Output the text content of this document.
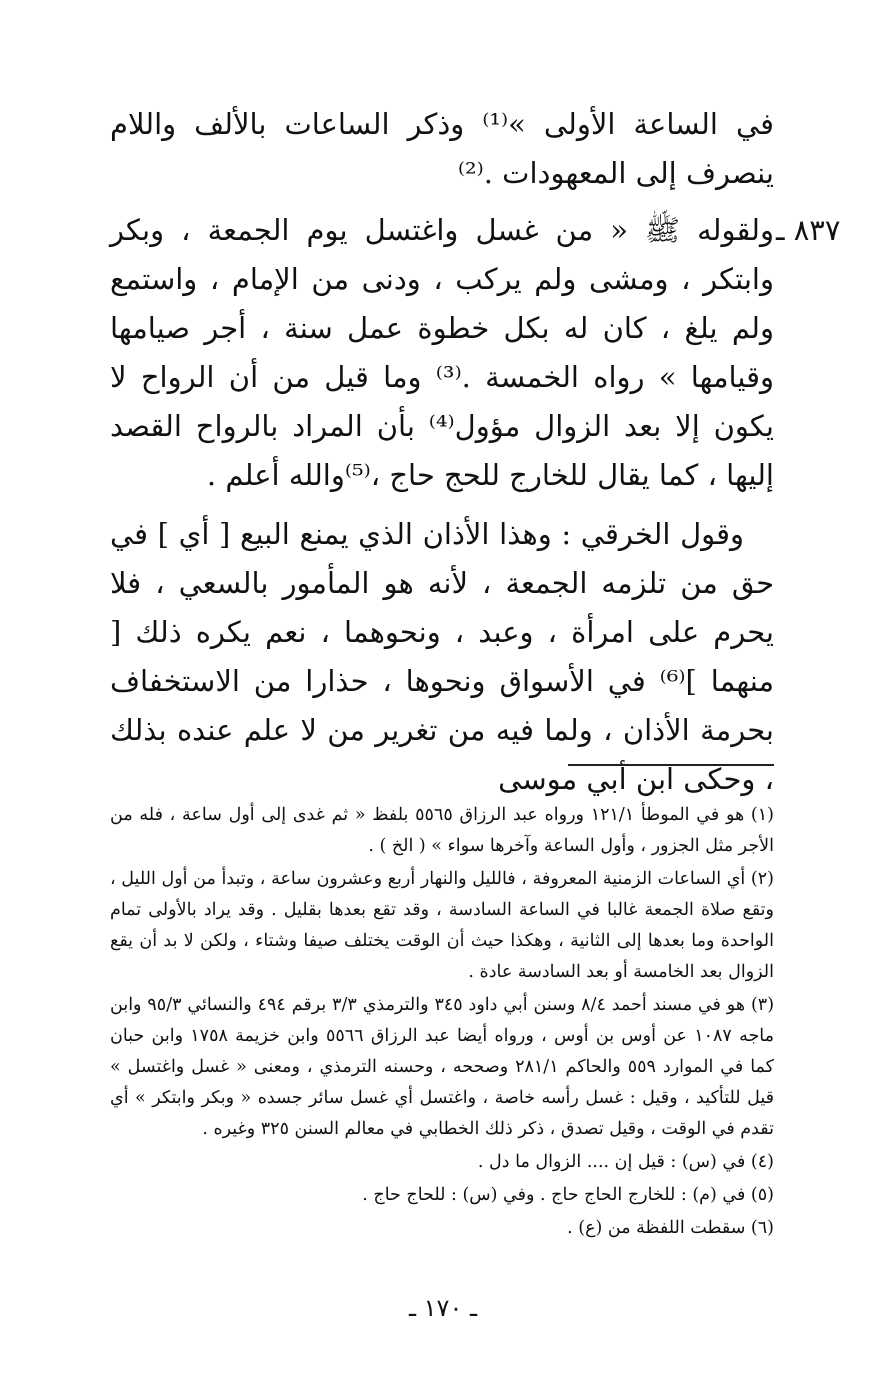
في الساعة الأولى »⁽¹⁾ وذكر الساعات بالألف واللام ينصرف إلى المعهودات .⁽²⁾

٨٣٧ ـ

ولقوله ﷺ « من غسل واغتسل يوم الجمعة ، وبكر وابتكر ، ومشى ولم يركب ، ودنى من الإمام ، واستمع ولم يلغ ، كان له بكل خطوة عمل سنة ، أجر صيامها وقيامها » رواه الخمسة .⁽³⁾ وما قيل من أن الرواح لا يكون إلا بعد الزوال مؤول⁽⁴⁾ بأن المراد بالرواح القصد إليها ، كما يقال للخارج للحج حاج ،⁽⁵⁾والله أعلم .

وقول الخرقي : وهذا الأذان الذي يمنع البيع [ أي ] في حق من تلزمه الجمعة ، لأنه هو المأمور بالسعي ، فلا يحرم على امرأة ، وعبد ، ونحوهما ، نعم يكره ذلك [ منهما ]⁽⁶⁾ في الأسواق ونحوها ، حذارا من الاستخفاف بحرمة الأذان ، ولما فيه من تغرير من لا علم عنده بذلك ، وحكى ابن أبي موسى

(١) هو في الموطأ ١٢١/١ ورواه عبد الرزاق ٥٥٦٥ بلفظ « ثم غدى إلى أول ساعة ، فله من الأجر مثل الجزور ، وأول الساعة وآخرها سواء » ( الخ ) .

(٢) أي الساعات الزمنية المعروفة ، فالليل والنهار أربع وعشرون ساعة ، وتبدأ من أول الليل ، وتقع صلاة الجمعة غالبا في الساعة السادسة ، وقد تقع بعدها بقليل . وقد يراد بالأولى تمام الواحدة وما بعدها إلى الثانية ، وهكذا حيث أن الوقت يختلف صيفا وشتاء ، ولكن لا بد أن يقع الزوال بعد الخامسة أو بعد السادسة عادة .

(٣) هو في مسند أحمد ٨/٤ وسنن أبي داود ٣٤٥ والترمذي ٣/٣ برقم ٤٩٤ والنسائي ٩٥/٣ وابن ماجه ١٠٨٧ عن أوس بن أوس ، ورواه أيضا عبد الرزاق ٥٥٦٦ وابن خزيمة ١٧٥٨ وابن حبان كما في الموارد ٥٥٩ والحاكم ٢٨١/١ وصححه ، وحسنه الترمذي ، ومعنى « غسل واغتسل » قيل للتأكيد ، وقيل : غسل رأسه خاصة ، واغتسل أي غسل سائر جسده « وبكر وابتكر » أي تقدم في الوقت ، وقيل تصدق ، ذكر ذلك الخطابي في معالم السنن ٣٢٥ وغيره .

(٤) في (س) : قيل إن .... الزوال ما دل .

(٥) في (م) : للخارج الحاج حاج . وفي (س) : للحاج حاج .

(٦) سقطت اللفظة من (ع) .

ـ ١٧٠ ـ
